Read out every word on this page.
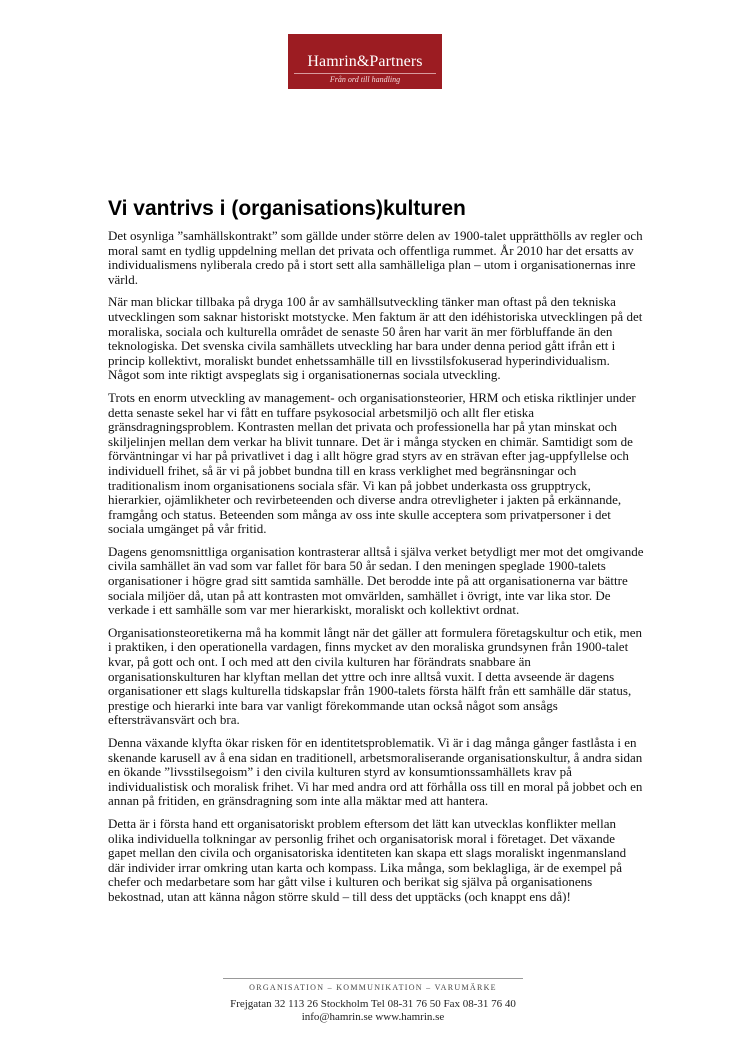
Hamrin&Partners
Från ord till handling
Vi vantrivs i (organisations)kulturen

Det osynliga ”samhällskontrakt” som gällde under större delen av 1900-talet upprätthölls av regler och moral samt en tydlig uppdelning mellan det privata och offentliga rummet. År 2010 har det ersatts av individualismens nyliberala credo på i stort sett alla samhälleliga plan – utom i organisationernas inre värld.

När man blickar tillbaka på dryga 100 år av samhällsutveckling tänker man oftast på den tekniska utvecklingen som saknar historiskt motstycke. Men faktum är att den idéhistoriska utvecklingen på det moraliska, sociala och kulturella området de senaste 50 åren har varit än mer förbluffande än den teknologiska. Det svenska civila samhällets utveckling har bara under denna period gått ifrån ett i princip kollektivt, moraliskt bundet enhetssamhälle till en livsstilsfokuserad hyperindividualism. Något som inte riktigt avspeglats sig i organisationernas sociala utveckling.

Trots en enorm utveckling av management- och organisationsteorier, HRM och etiska riktlinjer under detta senaste sekel har vi fått en tuffare psykosocial arbetsmiljö och allt fler etiska gränsdragningsproblem. Kontrasten mellan det privata och professionella har på ytan minskat och skiljelinjen mellan dem verkar ha blivit tunnare. Det är i många stycken en chimär. Samtidigt som de förväntningar vi har på privatlivet i dag i allt högre grad styrs av en strävan efter jag-uppfyllelse och individuell frihet, så är vi på jobbet bundna till en krass verklighet med begränsningar och traditionalism inom organisationens sociala sfär. Vi kan på jobbet underkasta oss grupptryck, hierarkier, ojämlikheter och revirbeteenden och diverse andra otrevligheter i jakten på erkännande, framgång och status. Beteenden som många av oss inte skulle acceptera som privatpersoner i det sociala umgänget på vår fritid.

Dagens genomsnittliga organisation kontrasterar alltså i själva verket betydligt mer mot det omgivande civila samhället än vad som var fallet för bara 50 år sedan. I den meningen speglade 1900-talets organisationer i högre grad sitt samtida samhälle. Det berodde inte på att organisationerna var bättre sociala miljöer då, utan på att kontrasten mot omvärlden, samhället i övrigt, inte var lika stor. De verkade i ett samhälle som var mer hierarkiskt, moraliskt och kollektivt ordnat.

Organisationsteoretikerna må ha kommit långt när det gäller att formulera företagskultur och etik, men i praktiken, i den operationella vardagen, finns mycket av den moraliska grundsynen från 1900-talet kvar, på gott och ont. I och med att den civila kulturen har förändrats snabbare än organisationskulturen har klyftan mellan det yttre och inre alltså vuxit. I detta avseende är dagens organisationer ett slags kulturella tidskapslar från 1900-talets första hälft från ett samhälle där status, prestige och hierarki inte bara var vanligt förekommande utan också något som ansågs eftersträvansvärt och bra.

Denna växande klyfta ökar risken för en identitetsproblematik. Vi är i dag många gånger fastlåsta i en skenande karusell av å ena sidan en traditionell, arbetsmoraliserande organisationskultur, å andra sidan en ökande ”livsstilsegoism” i den civila kulturen styrd av konsumtionssamhällets krav på individualistisk och moralisk frihet. Vi har med andra ord att förhålla oss till en moral på jobbet och en annan på fritiden, en gränsdragning som inte alla mäktar med att hantera.

Detta är i första hand ett organisatoriskt problem eftersom det lätt kan utvecklas konflikter mellan olika individuella tolkningar av personlig frihet och organisatorisk moral i företaget. Det växande gapet mellan den civila och organisatoriska identiteten kan skapa ett slags moraliskt ingenmansland där individer irrar omkring utan karta och kompass. Lika många, som beklagliga, är de exempel på chefer och medarbetare som har gått vilse i kulturen och berikat sig själva på organisationens bekostnad, utan att känna någon större skuld – till dess det upptäcks (och knappt ens då)!

ORGANISATION – KOMMUNIKATION – VARUMÄRKE
Frejgatan 32 113 26 Stockholm Tel 08-31 76 50 Fax 08-31 76 40
info@hamrin.se www.hamrin.se
